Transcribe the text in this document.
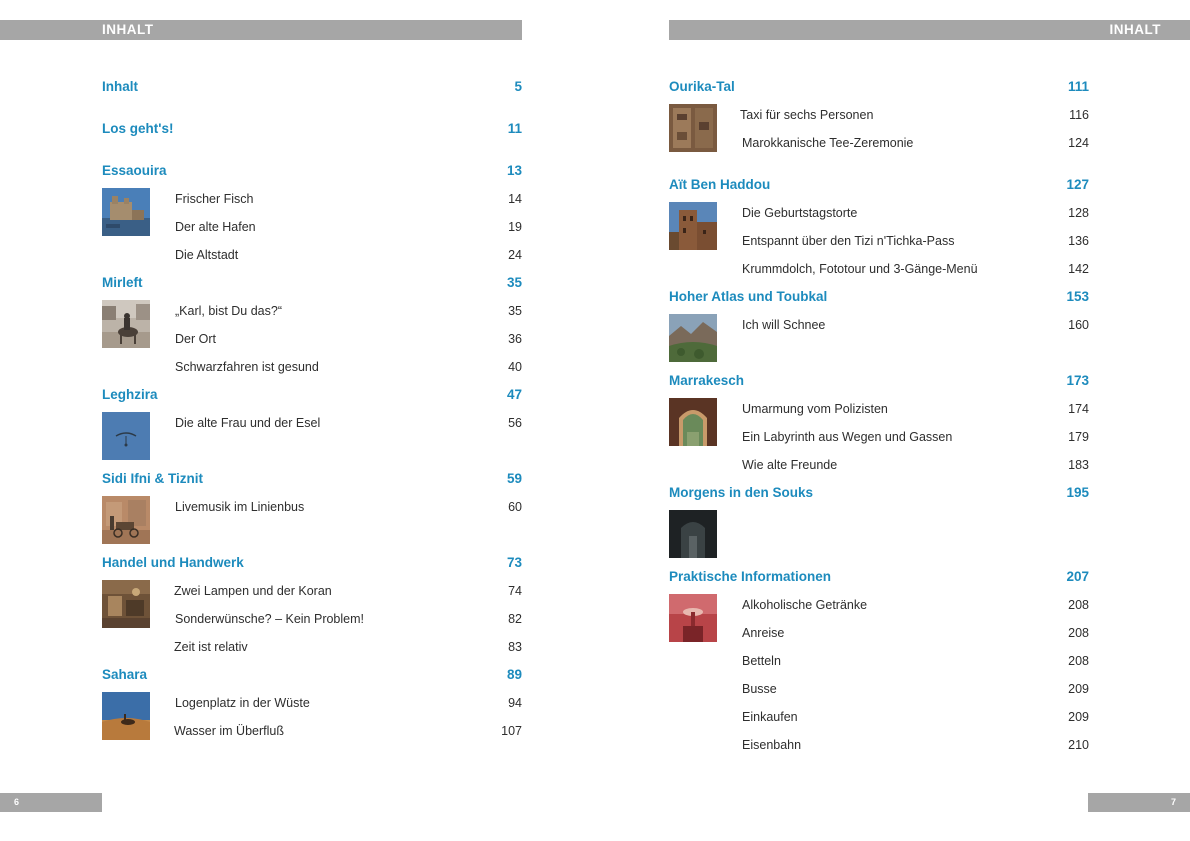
INHALT	INHALT
Inhalt	5
Los geht's!	11
Essaouira	13
Frischer Fisch	14
Der alte Hafen	19
Die Altstadt	24
Mirleft	35
„Karl, bist Du das?“	35
Der Ort	36
Schwarzfahren ist gesund	40
Leghzira	47
Die alte Frau und der Esel	56
Sidi Ifni & Tiznit	59
Livemusik im Linienbus	60
Handel und Handwerk	73
Zwei Lampen und der Koran	74
Sonderwünsche? – Kein Problem!	82
Zeit ist relativ	83
Sahara	89
Logenplatz in der Wüste	94
Wasser im Überfluß	107
Ourika-Tal	111
Taxi für sechs Personen	116
Marokkanische Tee-Zeremonie	124
Aït Ben Haddou	127
Die Geburtstagstorte	128
Entspannt über den Tizi n'Tichka-Pass	136
Krummdolch, Fototour und 3-Gänge-Menü	142
Hoher Atlas und Toubkal	153
Ich will Schnee	160
Marrakesch	173
Umarmung vom Polizisten	174
Ein Labyrinth aus Wegen und Gassen	179
Wie alte Freunde	183
Morgens in den Souks	195
Praktische Informationen	207
Alkoholische Getränke	208
Anreise	208
Betteln	208
Busse	209
Einkaufen	209
Eisenbahn	210
6	7
